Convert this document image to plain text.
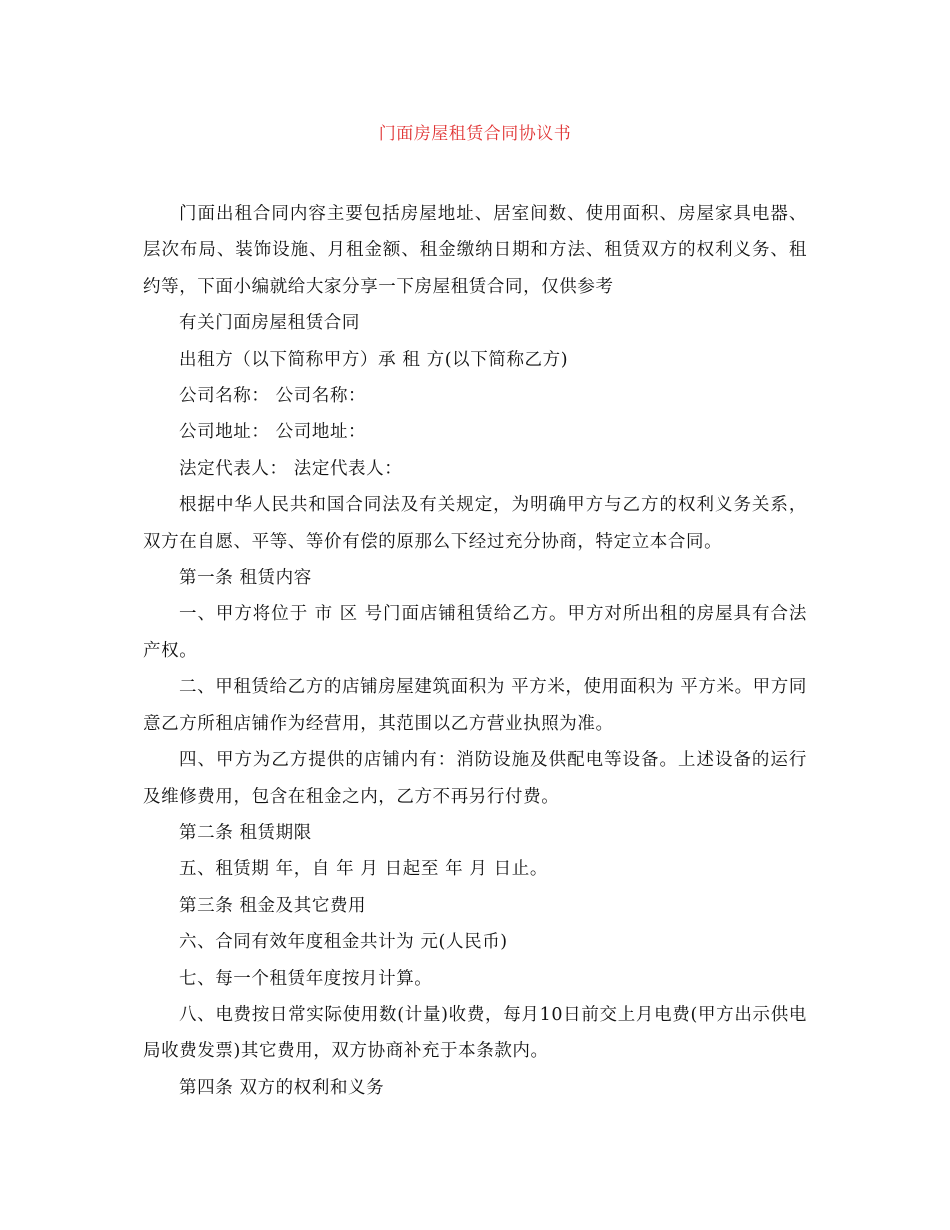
门面房屋租赁合同协议书

门面出租合同内容主要包括房屋地址、居室间数、使用面积、房屋家具电器、层次布局、装饰设施、月租金额、租金缴纳日期和方法、租赁双方的权利义务、租约等，下面小编就给大家分享一下房屋租赁合同，仅供参考

有关门面房屋租赁合同

出租方（以下简称甲方）承 租 方(以下简称乙方)

公司名称： 公司名称：

公司地址： 公司地址：

法定代表人： 法定代表人：

根据中华人民共和国合同法及有关规定，为明确甲方与乙方的权利义务关系，双方在自愿、平等、等价有偿的原那么下经过充分协商，特定立本合同。

第一条 租赁内容

一、甲方将位于 市 区 号门面店铺租赁给乙方。甲方对所出租的房屋具有合法产权。

二、甲租赁给乙方的店铺房屋建筑面积为 平方米，使用面积为 平方米。甲方同意乙方所租店铺作为经营用，其范围以乙方营业执照为准。

四、甲方为乙方提供的店铺内有：消防设施及供配电等设备。上述设备的运行及维修费用，包含在租金之内，乙方不再另行付费。

第二条 租赁期限

五、租赁期 年，自 年 月 日起至 年 月 日止。

第三条 租金及其它费用

六、合同有效年度租金共计为 元(人民币)

七、每一个租赁年度按月计算。

八、电费按日常实际使用数(计量)收费，每月10日前交上月电费(甲方出示供电局收费发票)其它费用，双方协商补充于本条款内。

第四条 双方的权利和义务
